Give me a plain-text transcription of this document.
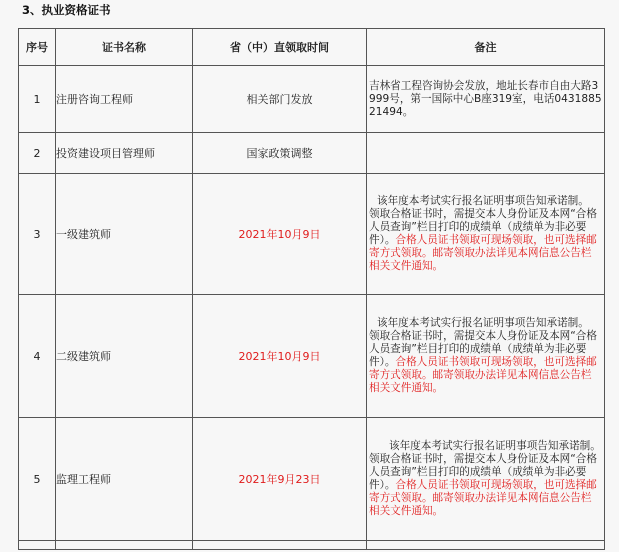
3、执业资格证书
序号	证书名称	省（中）直领取时间	备注
1	注册咨询工程师	相关部门发放	吉林省工程咨询协会发放，地址长春市自由大路3999号，第一国际中心B座319室，电话043188521494。

2	投资建设项目管理师	国家政策调整	
3	一级建筑师	2021年10月9日	该年度本考试实行报名证明事项告知承诺制。 领取合格证书时，需提交本人身份证及本网“合格人员查询”栏目打印的成绩单（成绩单为非必要件）。合格人员证书领取可现场领取，也可选择邮寄方式领取。邮寄领取办法详见本网信息公告栏相关文件通知。

4	二级建筑师	2021年10月9日	该年度本考试实行报名证明事项告知承诺制。 领取合格证书时，需提交本人身份证及本网“合格人员查询”栏目打印的成绩单（成绩单为非必要件）。合格人员证书领取可现场领取，也可选择邮寄方式领取。邮寄领取办法详见本网信息公告栏相关文件通知。

5	监理工程师	2021年9月23日	该年度本考试实行报名证明事项告知承诺制。 领取合格证书时，需提交本人身份证及本网“合格人员查询”栏目打印的成绩单（成绩单为非必要件）。合格人员证书领取可现场领取，也可选择邮寄方式领取。邮寄领取办法详见本网信息公告栏相关文件通知。
